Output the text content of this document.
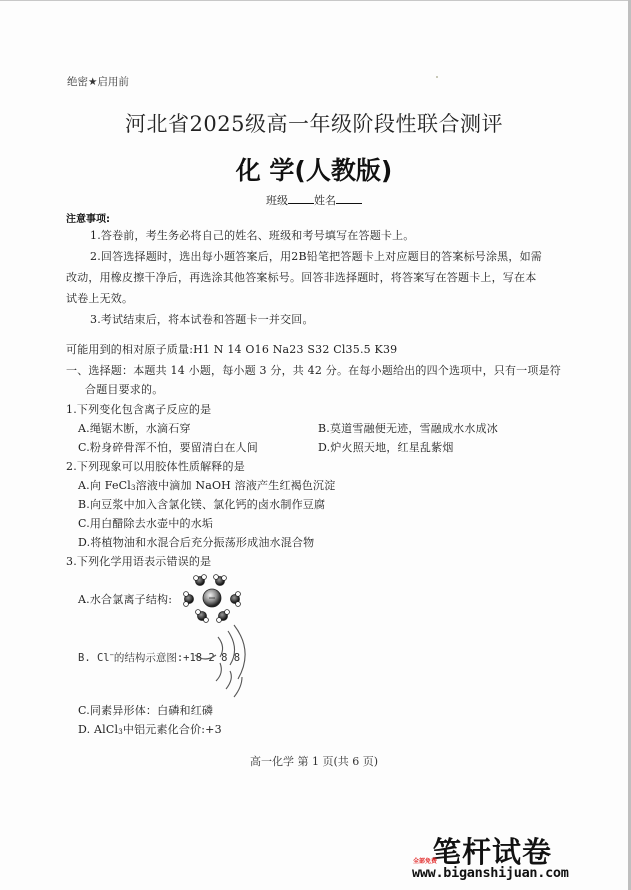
绝密★启用前
河北省2025级高一年级阶段性联合测评
化 学(人教版)
班级 姓名
注意事项:
1.答卷前，考生务必将自己的姓名、班级和考号填写在答题卡上。
2.回答选择题时，选出每小题答案后，用2B铅笔把答题卡上对应题目的答案标号涂黑，如需
改动，用橡皮擦干净后，再选涂其他答案标号。回答非选择题时，将答案写在答题卡上，写在本
试卷上无效。
3.考试结束后，将本试卷和答题卡一并交回。
可能用到的相对原子质量:H1 N 14 O16 Na23 S32 Cl35.5 K39
一、选择题：本题共 14 小题，每小题 3 分，共 42 分。在每小题给出的四个选项中，只有一项是符
合题目要求的。
1.下列变化包含离子反应的是
A.绳锯木断，水滴石穿	B.莫道雪融便无迹，雪融成水水成冰
C.粉身碎骨浑不怕，要留清白在人间	D.炉火照天地，红星乱紫烟
2.下列现象可以用胶体性质解释的是
A.向 FeCl$_3$溶液中滴加 NaOH 溶液产生红褐色沉淀
B.向豆浆中加入含氯化镁、氯化钙的卤水制作豆腐
C.用白醋除去水壶中的水垢
D.将植物油和水混合后充分振荡形成油水混合物
3.下列化学用语表示错误的是
A.水合氯离子结构:
B. Cl−的结构示意图:+18 2 8 8
C.同素异形体：白磷和红磷
D. AlCl$_3$中铝元素化合价:+3
高一化学 第 1 页(共 6 页)
笔杆试卷
全部免费
www.biganshijuan.com
